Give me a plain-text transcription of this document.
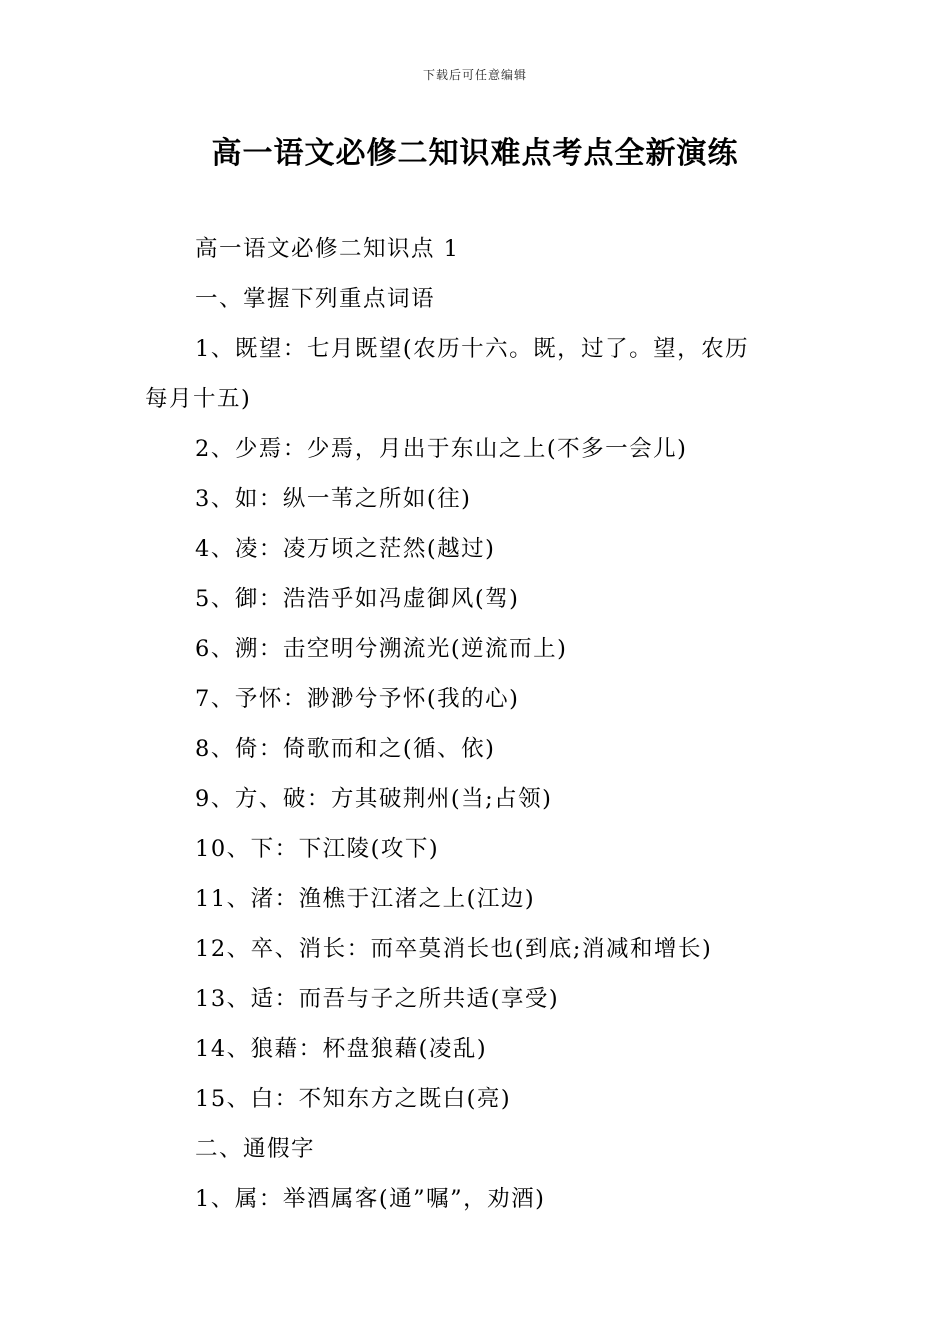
下载后可任意编辑
高一语文必修二知识难点考点全新演练
高一语文必修二知识点 1
一、掌握下列重点词语
1、既望：七月既望(农历十六。既，过了。望，农历
每月十五)
2、少焉：少焉，月出于东山之上(不多一会儿)
3、如：纵一苇之所如(往)
4、凌：凌万顷之茫然(越过)
5、御：浩浩乎如冯虚御风(驾)
6、溯：击空明兮溯流光(逆流而上)
7、予怀：渺渺兮予怀(我的心)
8、倚：倚歌而和之(循、依)
9、方、破：方其破荆州(当;占领)
10、下：下江陵(攻下)
11、渚：渔樵于江渚之上(江边)
12、卒、消长：而卒莫消长也(到底;消减和增长)
13、适：而吾与子之所共适(享受)
14、狼藉：杯盘狼藉(凌乱)
15、白：不知东方之既白(亮)
二、通假字
1、属：举酒属客(通”嘱”，劝酒)
